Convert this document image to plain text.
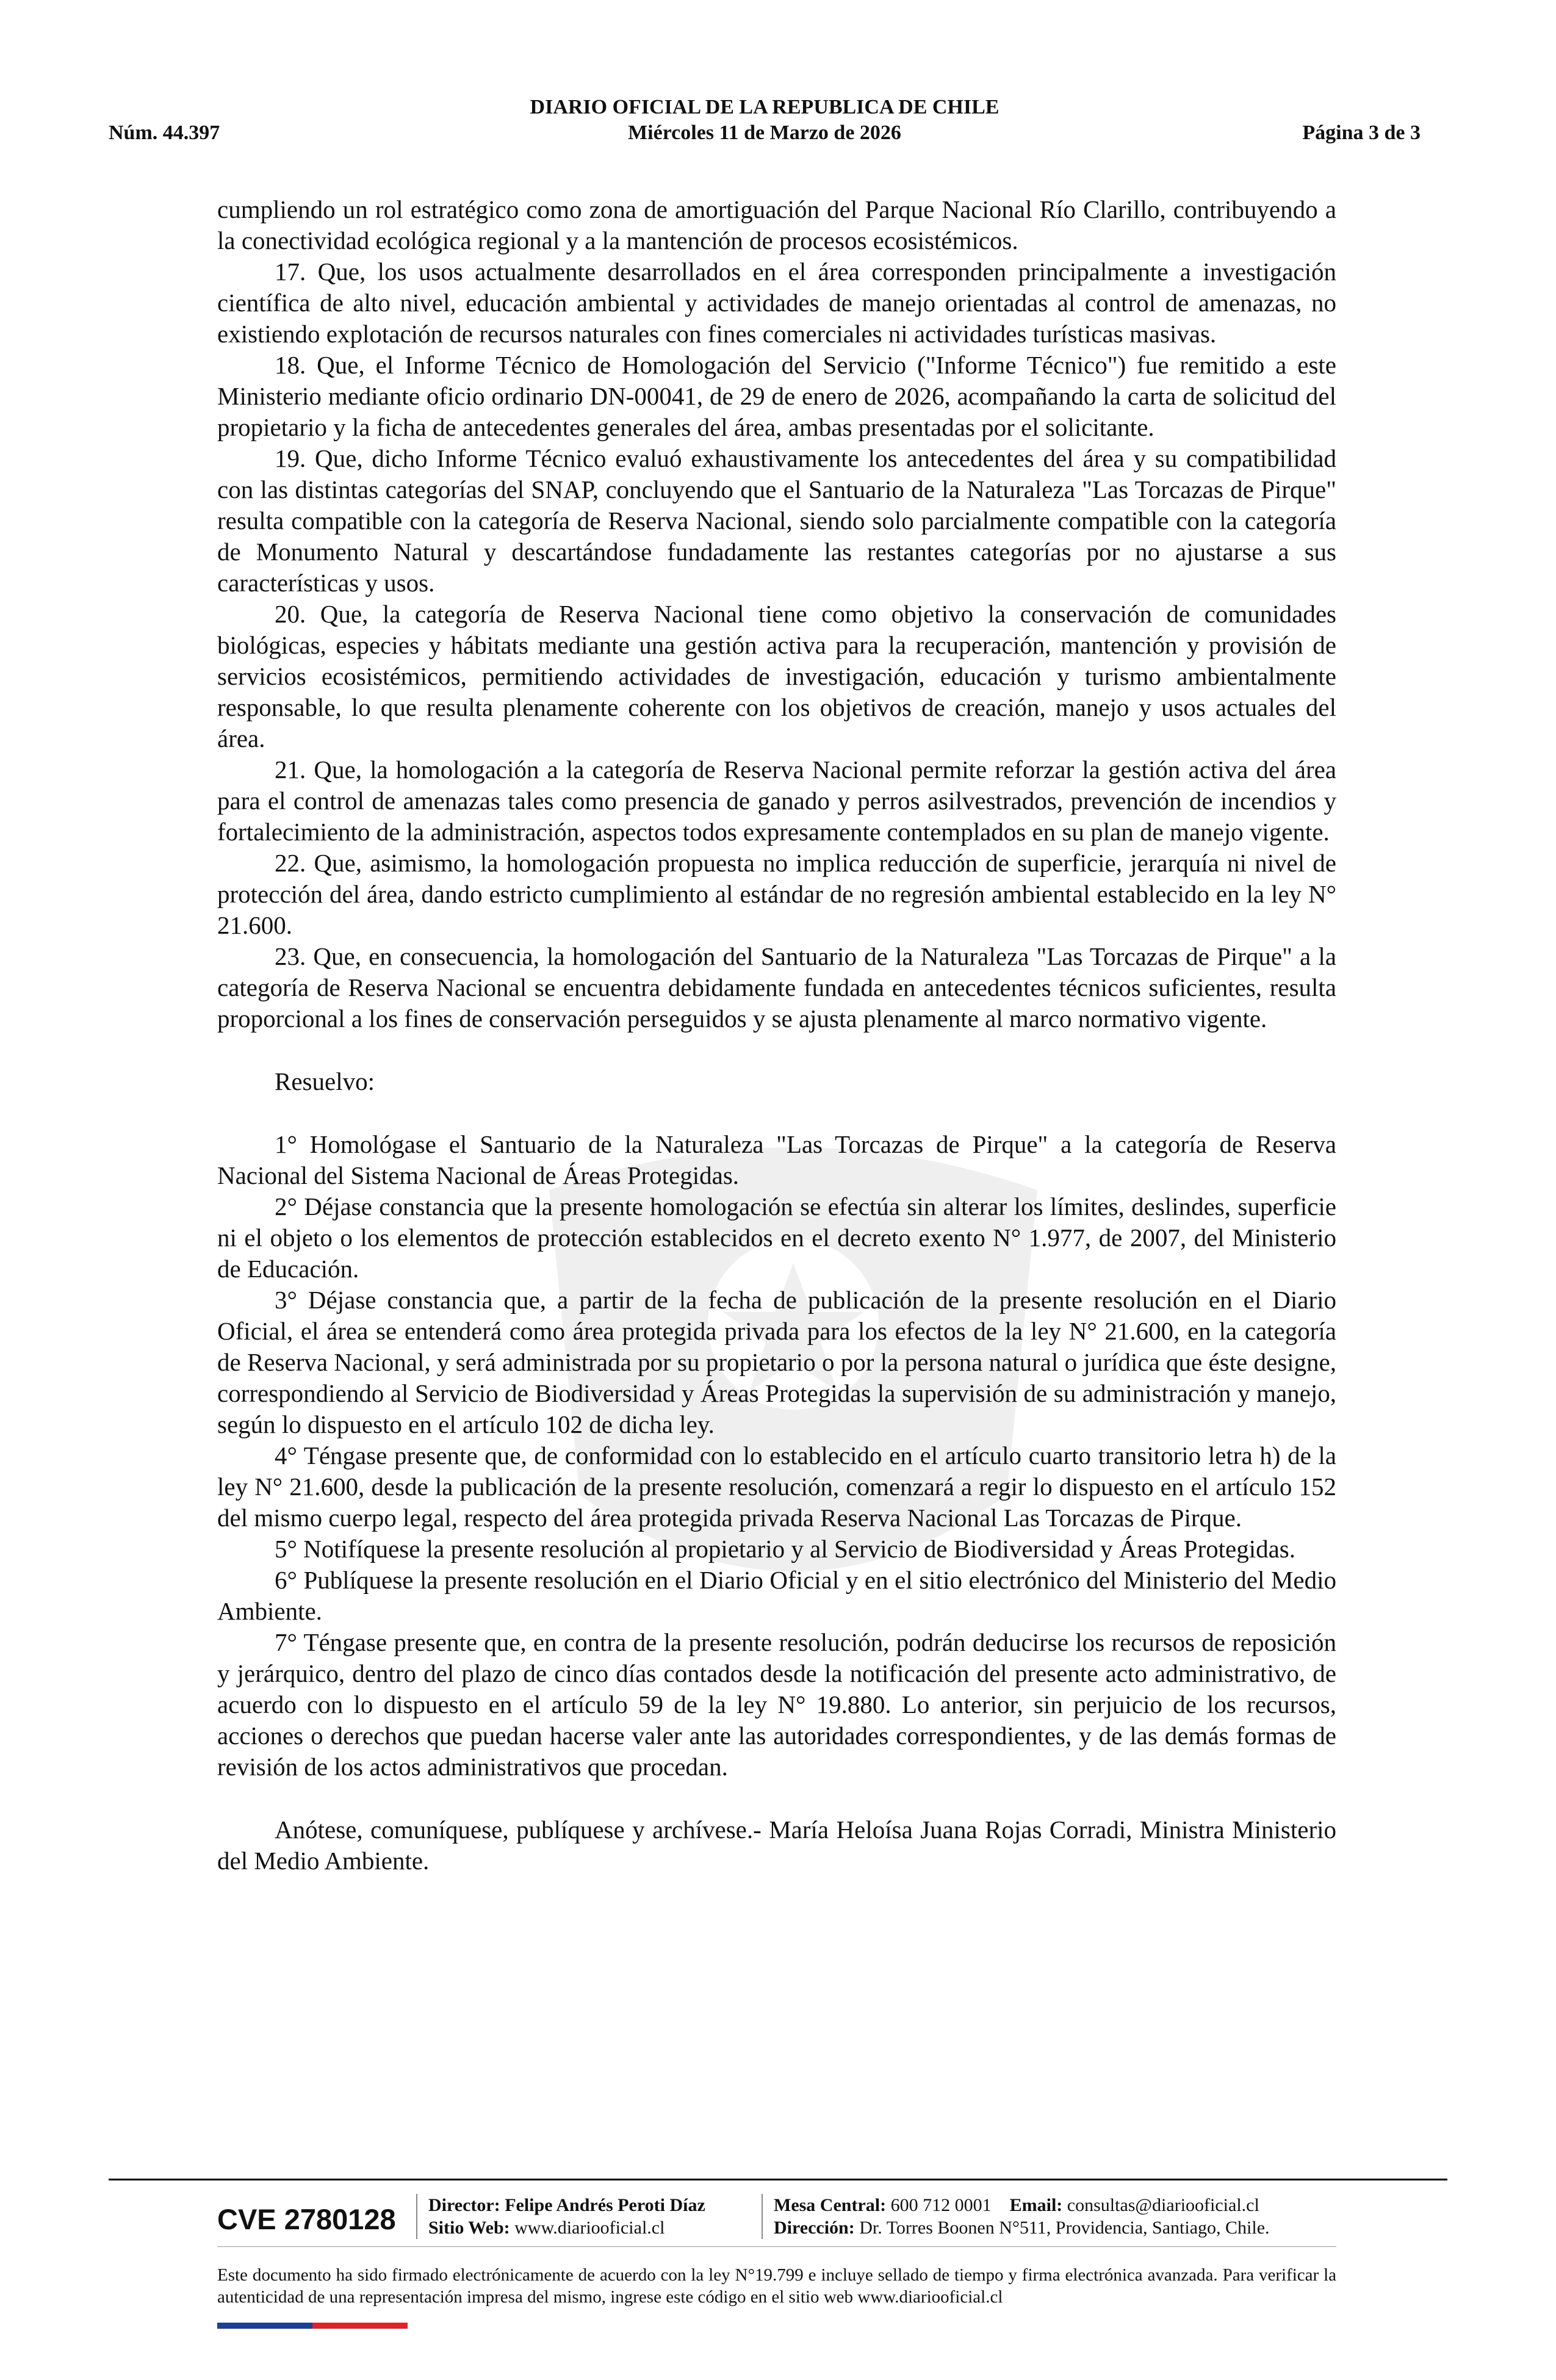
DIARIO OFICIAL DE LA REPUBLICA DE CHILE
Núm. 44.397	Miércoles 11 de Marzo de 2026	Página 3 de 3

cumpliendo un rol estratégico como zona de amortiguación del Parque Nacional Río Clarillo, contribuyendo a la conectividad ecológica regional y a la mantención de procesos ecosistémicos.

17. Que, los usos actualmente desarrollados en el área corresponden principalmente a investigación científica de alto nivel, educación ambiental y actividades de manejo orientadas al control de amenazas, no existiendo explotación de recursos naturales con fines comerciales ni actividades turísticas masivas.

18. Que, el Informe Técnico de Homologación del Servicio ("Informe Técnico") fue remitido a este Ministerio mediante oficio ordinario DN-00041, de 29 de enero de 2026, acompañando la carta de solicitud del propietario y la ficha de antecedentes generales del área, ambas presentadas por el solicitante.

19. Que, dicho Informe Técnico evaluó exhaustivamente los antecedentes del área y su compatibilidad con las distintas categorías del SNAP, concluyendo que el Santuario de la Naturaleza "Las Torcazas de Pirque" resulta compatible con la categoría de Reserva Nacional, siendo solo parcialmente compatible con la categoría de Monumento Natural y descartándose fundadamente las restantes categorías por no ajustarse a sus características y usos.

20. Que, la categoría de Reserva Nacional tiene como objetivo la conservación de comunidades biológicas, especies y hábitats mediante una gestión activa para la recuperación, mantención y provisión de servicios ecosistémicos, permitiendo actividades de investigación, educación y turismo ambientalmente responsable, lo que resulta plenamente coherente con los objetivos de creación, manejo y usos actuales del área.

21. Que, la homologación a la categoría de Reserva Nacional permite reforzar la gestión activa del área para el control de amenazas tales como presencia de ganado y perros asilvestrados, prevención de incendios y fortalecimiento de la administración, aspectos todos expresamente contemplados en su plan de manejo vigente.

22. Que, asimismo, la homologación propuesta no implica reducción de superficie, jerarquía ni nivel de protección del área, dando estricto cumplimiento al estándar de no regresión ambiental establecido en la ley N° 21.600.

23. Que, en consecuencia, la homologación del Santuario de la Naturaleza "Las Torcazas de Pirque" a la categoría de Reserva Nacional se encuentra debidamente fundada en antecedentes técnicos suficientes, resulta proporcional a los fines de conservación perseguidos y se ajusta plenamente al marco normativo vigente.

Resuelvo:

1° Homológase el Santuario de la Naturaleza "Las Torcazas de Pirque" a la categoría de Reserva Nacional del Sistema Nacional de Áreas Protegidas.

2° Déjase constancia que la presente homologación se efectúa sin alterar los límites, deslindes, superficie ni el objeto o los elementos de protección establecidos en el decreto exento N° 1.977, de 2007, del Ministerio de Educación.

3° Déjase constancia que, a partir de la fecha de publicación de la presente resolución en el Diario Oficial, el área se entenderá como área protegida privada para los efectos de la ley N° 21.600, en la categoría de Reserva Nacional, y será administrada por su propietario o por la persona natural o jurídica que éste designe, correspondiendo al Servicio de Biodiversidad y Áreas Protegidas la supervisión de su administración y manejo, según lo dispuesto en el artículo 102 de dicha ley.

4° Téngase presente que, de conformidad con lo establecido en el artículo cuarto transitorio letra h) de la ley N° 21.600, desde la publicación de la presente resolución, comenzará a regir lo dispuesto en el artículo 152 del mismo cuerpo legal, respecto del área protegida privada Reserva Nacional Las Torcazas de Pirque.

5° Notifíquese la presente resolución al propietario y al Servicio de Biodiversidad y Áreas Protegidas.

6° Publíquese la presente resolución en el Diario Oficial y en el sitio electrónico del Ministerio del Medio Ambiente.

7° Téngase presente que, en contra de la presente resolución, podrán deducirse los recursos de reposición y jerárquico, dentro del plazo de cinco días contados desde la notificación del presente acto administrativo, de acuerdo con lo dispuesto en el artículo 59 de la ley N° 19.880. Lo anterior, sin perjuicio de los recursos, acciones o derechos que puedan hacerse valer ante las autoridades correspondientes, y de las demás formas de revisión de los actos administrativos que procedan.

Anótese, comuníquese, publíquese y archívese.- María Heloísa Juana Rojas Corradi, Ministra Ministerio del Medio Ambiente.

CVE 2780128	Director: Felipe Andrés Peroti Díaz
Sitio Web: www.diariooficial.cl
Mesa Central: 600 712 0001 Email: consultas@diariooficial.cl
Dirección: Dr. Torres Boonen N°511, Providencia, Santiago, Chile.
Este documento ha sido firmado electrónicamente de acuerdo con la ley N°19.799 e incluye sellado de tiempo y firma electrónica avanzada. Para verificar la autenticidad de una representación impresa del mismo, ingrese este código en el sitio web www.diariooficial.cl
